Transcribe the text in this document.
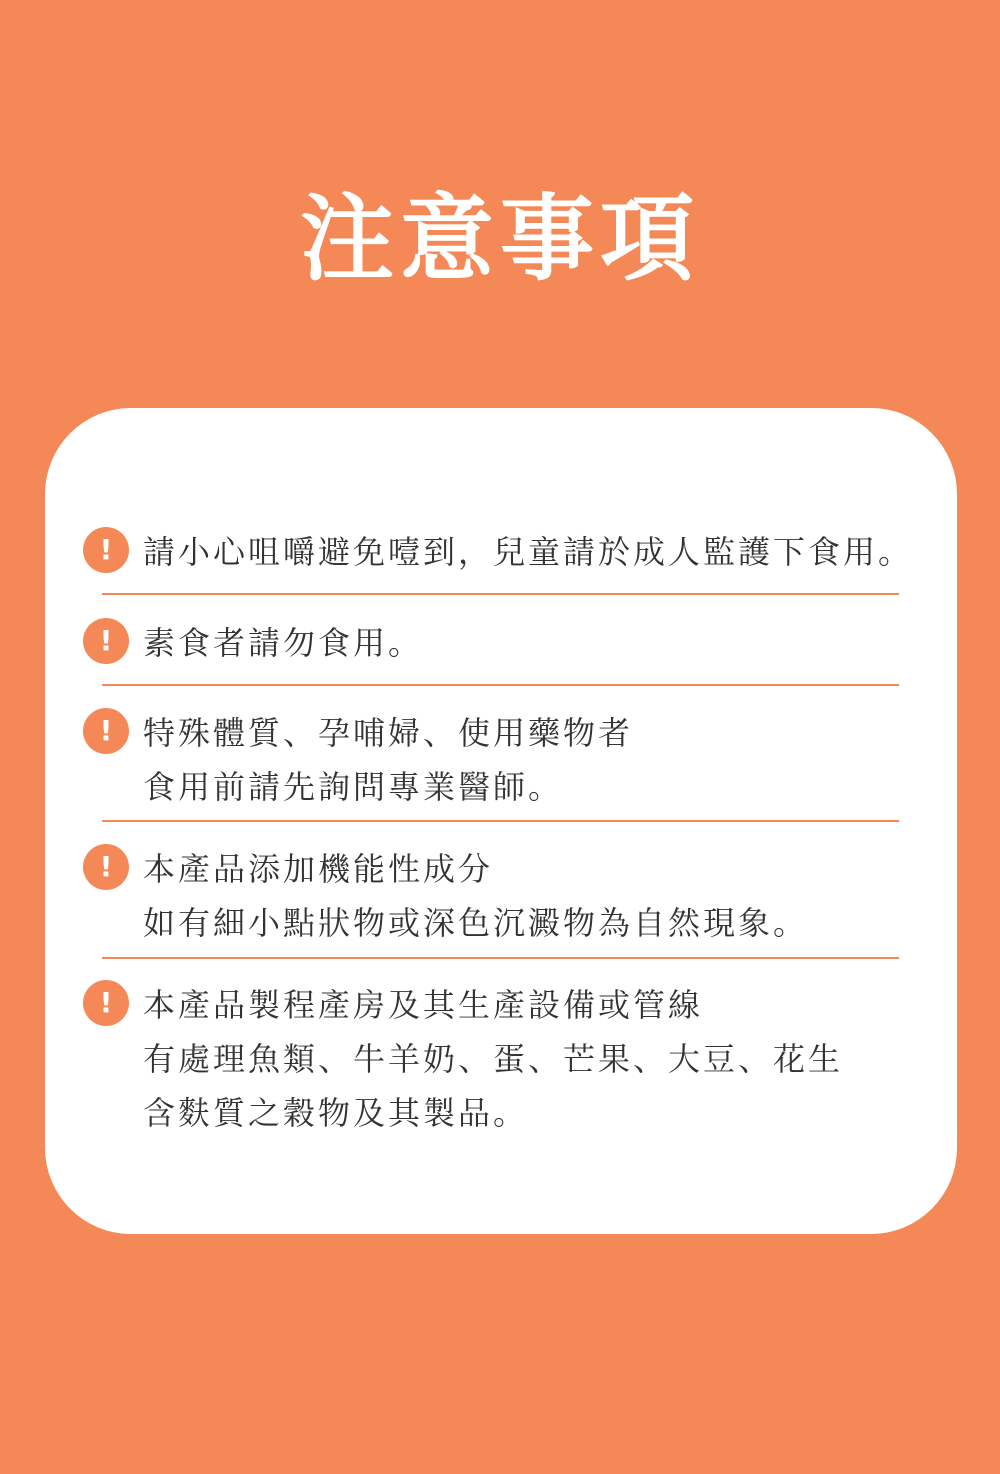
注意事項
! 請小心咀嚼避免噎到，兒童請於成人監護下食用。
! 素食者請勿食用。
! 特殊體質、孕哺婦、使用藥物者
食用前請先詢問專業醫師。
! 本產品添加機能性成分
如有細小點狀物或深色沉澱物為自然現象。
! 本產品製程產房及其生產設備或管線
有處理魚類、牛羊奶、蛋、芒果、大豆、花生
含麩質之穀物及其製品。
